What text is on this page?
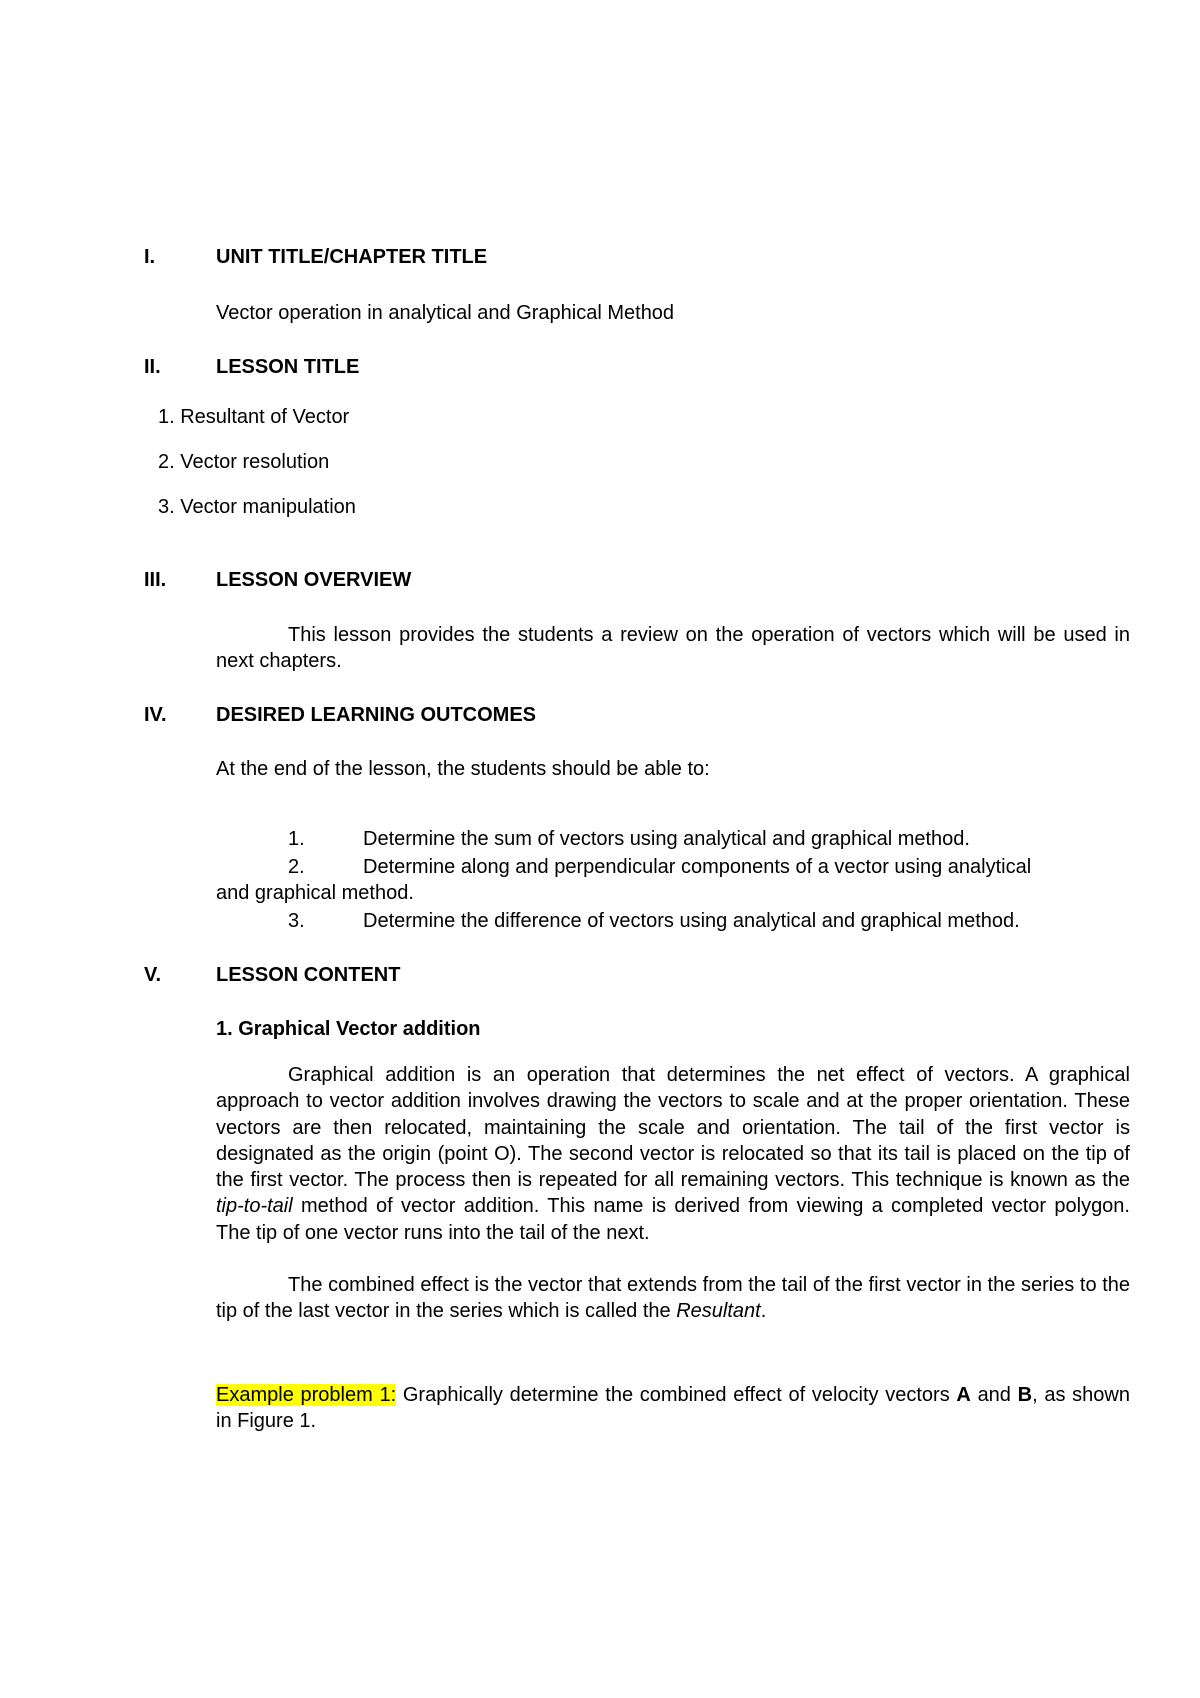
I.	UNIT TITLE/CHAPTER TITLE
Vector operation in analytical and Graphical Method
II.	LESSON TITLE
1. Resultant of Vector
2. Vector resolution
3. Vector manipulation
III. LESSON OVERVIEW
This lesson provides the students a review on the operation of vectors which will be used in next chapters.
IV. DESIRED LEARNING OUTCOMES
At the end of the lesson, the students should be able to:
1.	Determine the sum of vectors using analytical and graphical method.
2.	Determine along and perpendicular components of a vector using analytical
and graphical method.
3.	Determine the difference of vectors using analytical and graphical method.
V.	LESSON CONTENT
1. Graphical Vector addition
Graphical addition is an operation that determines the net effect of vectors. A graphical approach to vector addition involves drawing the vectors to scale and at the proper orientation. These vectors are then relocated, maintaining the scale and orientation. The tail of the first vector is designated as the origin (point O). The second vector is relocated so that its tail is placed on the tip of the first vector. The process then is repeated for all remaining vectors. This technique is known as the tip-to-tail method of vector addition. This name is derived from viewing a completed vector polygon. The tip of one vector runs into the tail of the next.
The combined effect is the vector that extends from the tail of the first vector in the series to the tip of the last vector in the series which is called the Resultant.
Example problem 1: Graphically determine the combined effect of velocity vectors A and B, as shown in Figure 1.
